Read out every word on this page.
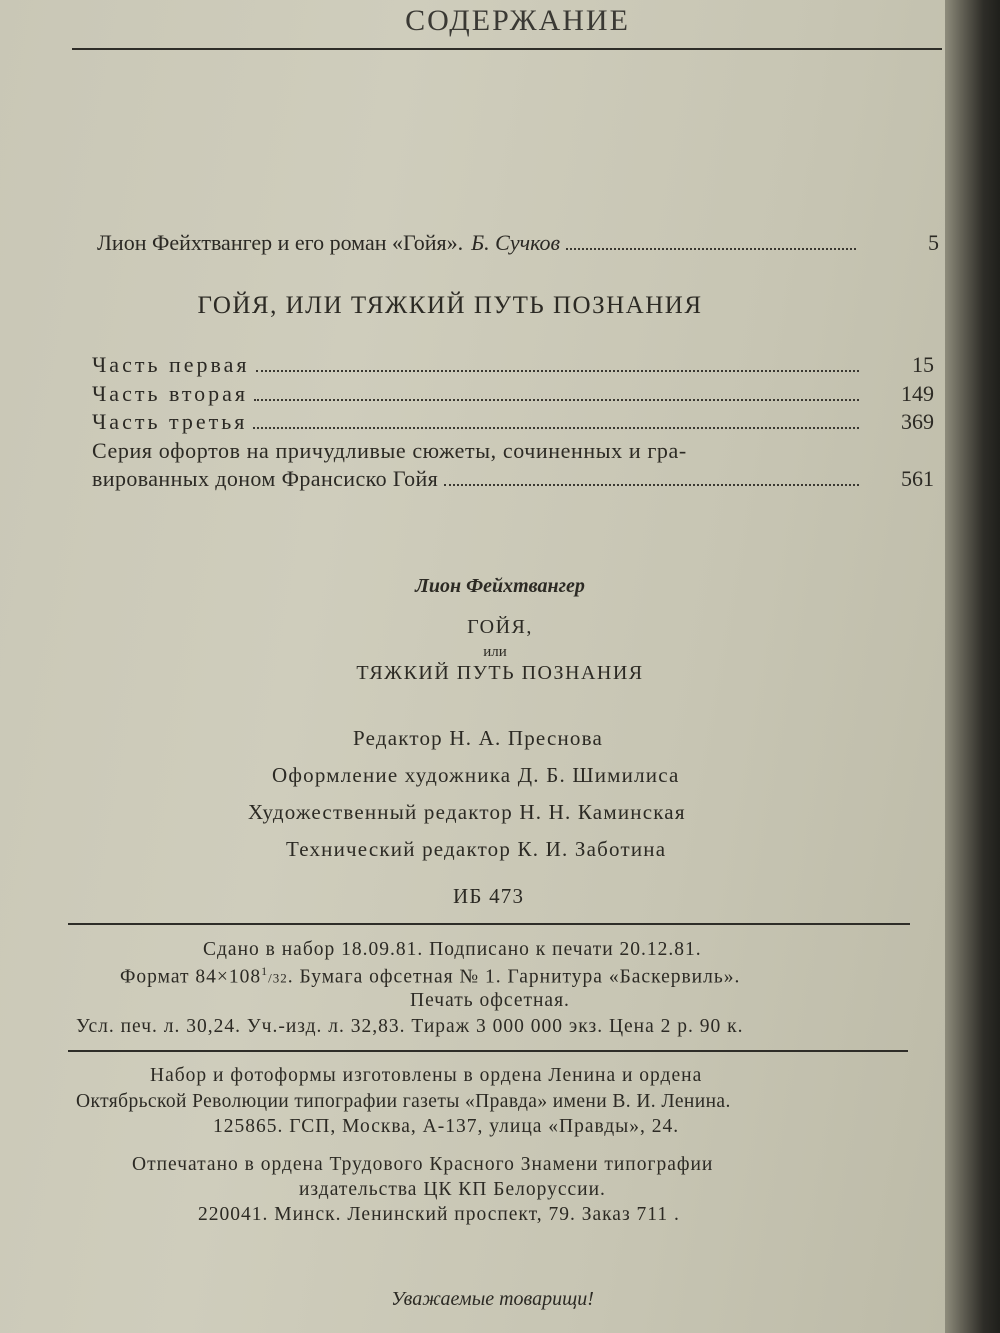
СОДЕРЖАНИЕ
Лион Фейхтвангер и его роман «Гойя». Б. Сучков	5
ГОЙЯ, ИЛИ ТЯЖКИЙ ПУТЬ ПОЗНАНИЯ
Часть первая	15
Часть вторая	149
Часть третья	369
Серия офортов на причудливые сюжеты, сочиненных и гра-
вированных доном Франсиско Гойя	561
Лион Фейхтвангер
ГОЙЯ,
или
ТЯЖКИЙ ПУТЬ ПОЗНАНИЯ
Редактор Н. А. Преснова
Оформление художника Д. Б. Шимилиса
Художественный редактор Н. Н. Каминская
Технический редактор К. И. Заботина
ИБ 473
Сдано в набор 18.09.81. Подписано к печати 20.12.81.
Формат $84\times 108^1/32$. Бумага офсетная № 1. Гарнитура «Баскервиль».
Печать офсетная.
Усл. печ. л. 30,24. Уч.-изд. л. 32,83. Тираж 3 000 000 экз. Цена 2 р. 90 к.
Набор и фотоформы изготовлены в ордена Ленина и ордена
Октябрьской Революции типографии газеты «Правда» имени В. И. Ленина.
125865. ГСП, Москва, А-137, улица «Правды», 24.
Отпечатано в ордена Трудового Красного Знамени типографии
издательства ЦК КП Белоруссии.
220041. Минск. Ленинский проспект, 79. Заказ 711 .
Уважаемые товарищи!
